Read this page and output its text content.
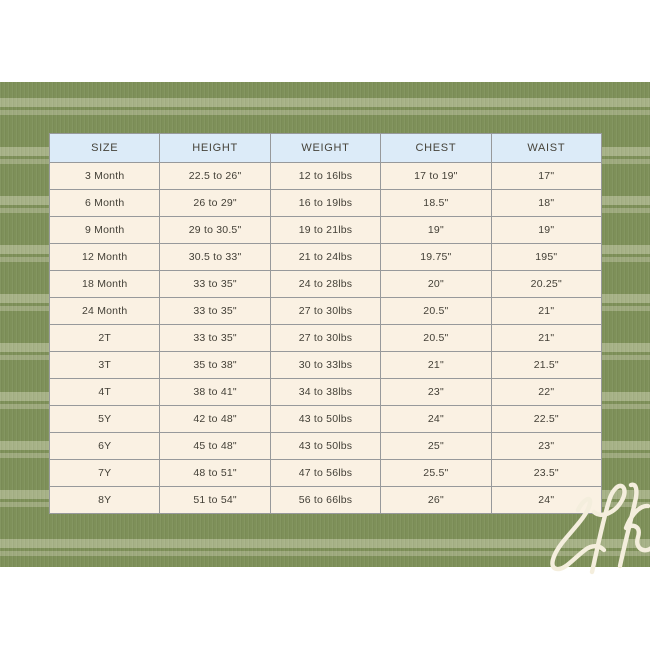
SIZE	HEIGHT	WEIGHT	CHEST	WAIST
3 Month	22.5 to 26"	12 to 16lbs	17 to 19"	17"
6 Month	26 to 29"	16 to 19lbs	18.5"	18"
9 Month	29 to 30.5"	19 to 21lbs	19"	19"
12 Month	30.5 to 33"	21 to 24lbs	19.75"	195"
18 Month	33 to 35"	24 to 28lbs	20"	20.25"
24 Month	33 to 35"	27 to 30lbs	20.5"	21"
2T	33 to 35"	27 to 30lbs	20.5"	21"
3T	35 to 38"	30 to 33lbs	21"	21.5"
4T	38 to 41"	34 to 38lbs	23"	22"
5Y	42 to 48"	43 to 50lbs	24"	22.5"
6Y	45 to 48"	43 to 50lbs	25"	23"
7Y	48 to 51"	47 to 56lbs	25.5"	23.5"
8Y	51 to 54"	56 to 66lbs	26"	24"
